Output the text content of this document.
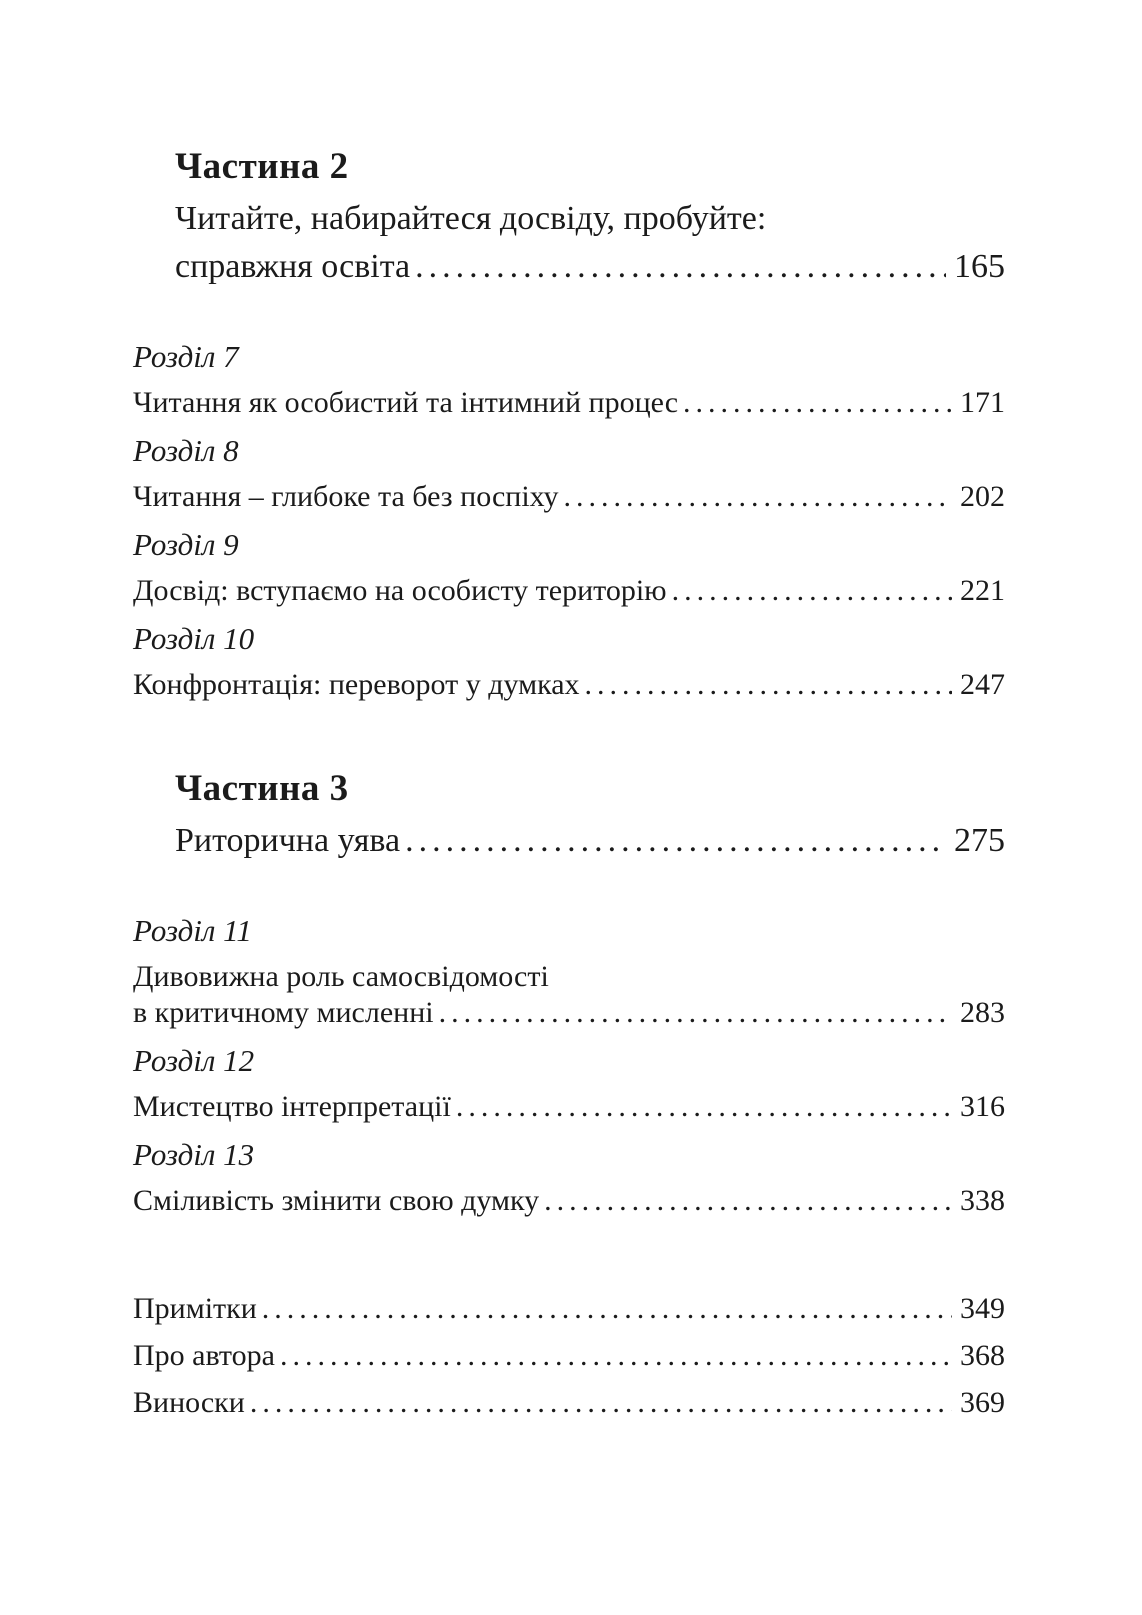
Частина 2
Читайте, набирайтеся досвіду, пробуйте:
справжня освіта .....	165
Розділ 7
Читання як особистий та інтимний процес .....	171
Розділ 8
Читання – глибоке та без поспіху .....	202
Розділ 9
Досвід: вступаємо на особисту територію .....	221
Розділ 10
Конфронтація: переворот у думках .....	247
Частина 3
Риторична уява .....	275
Розділ 11
Дивовижна роль самосвідомості
в критичному мисленні .....	283
Розділ 12
Мистецтво інтерпретації .....	316
Розділ 13
Сміливість змінити свою думку .....	338
Примітки .....	349
Про автора .....	368
Виноски .....	369
